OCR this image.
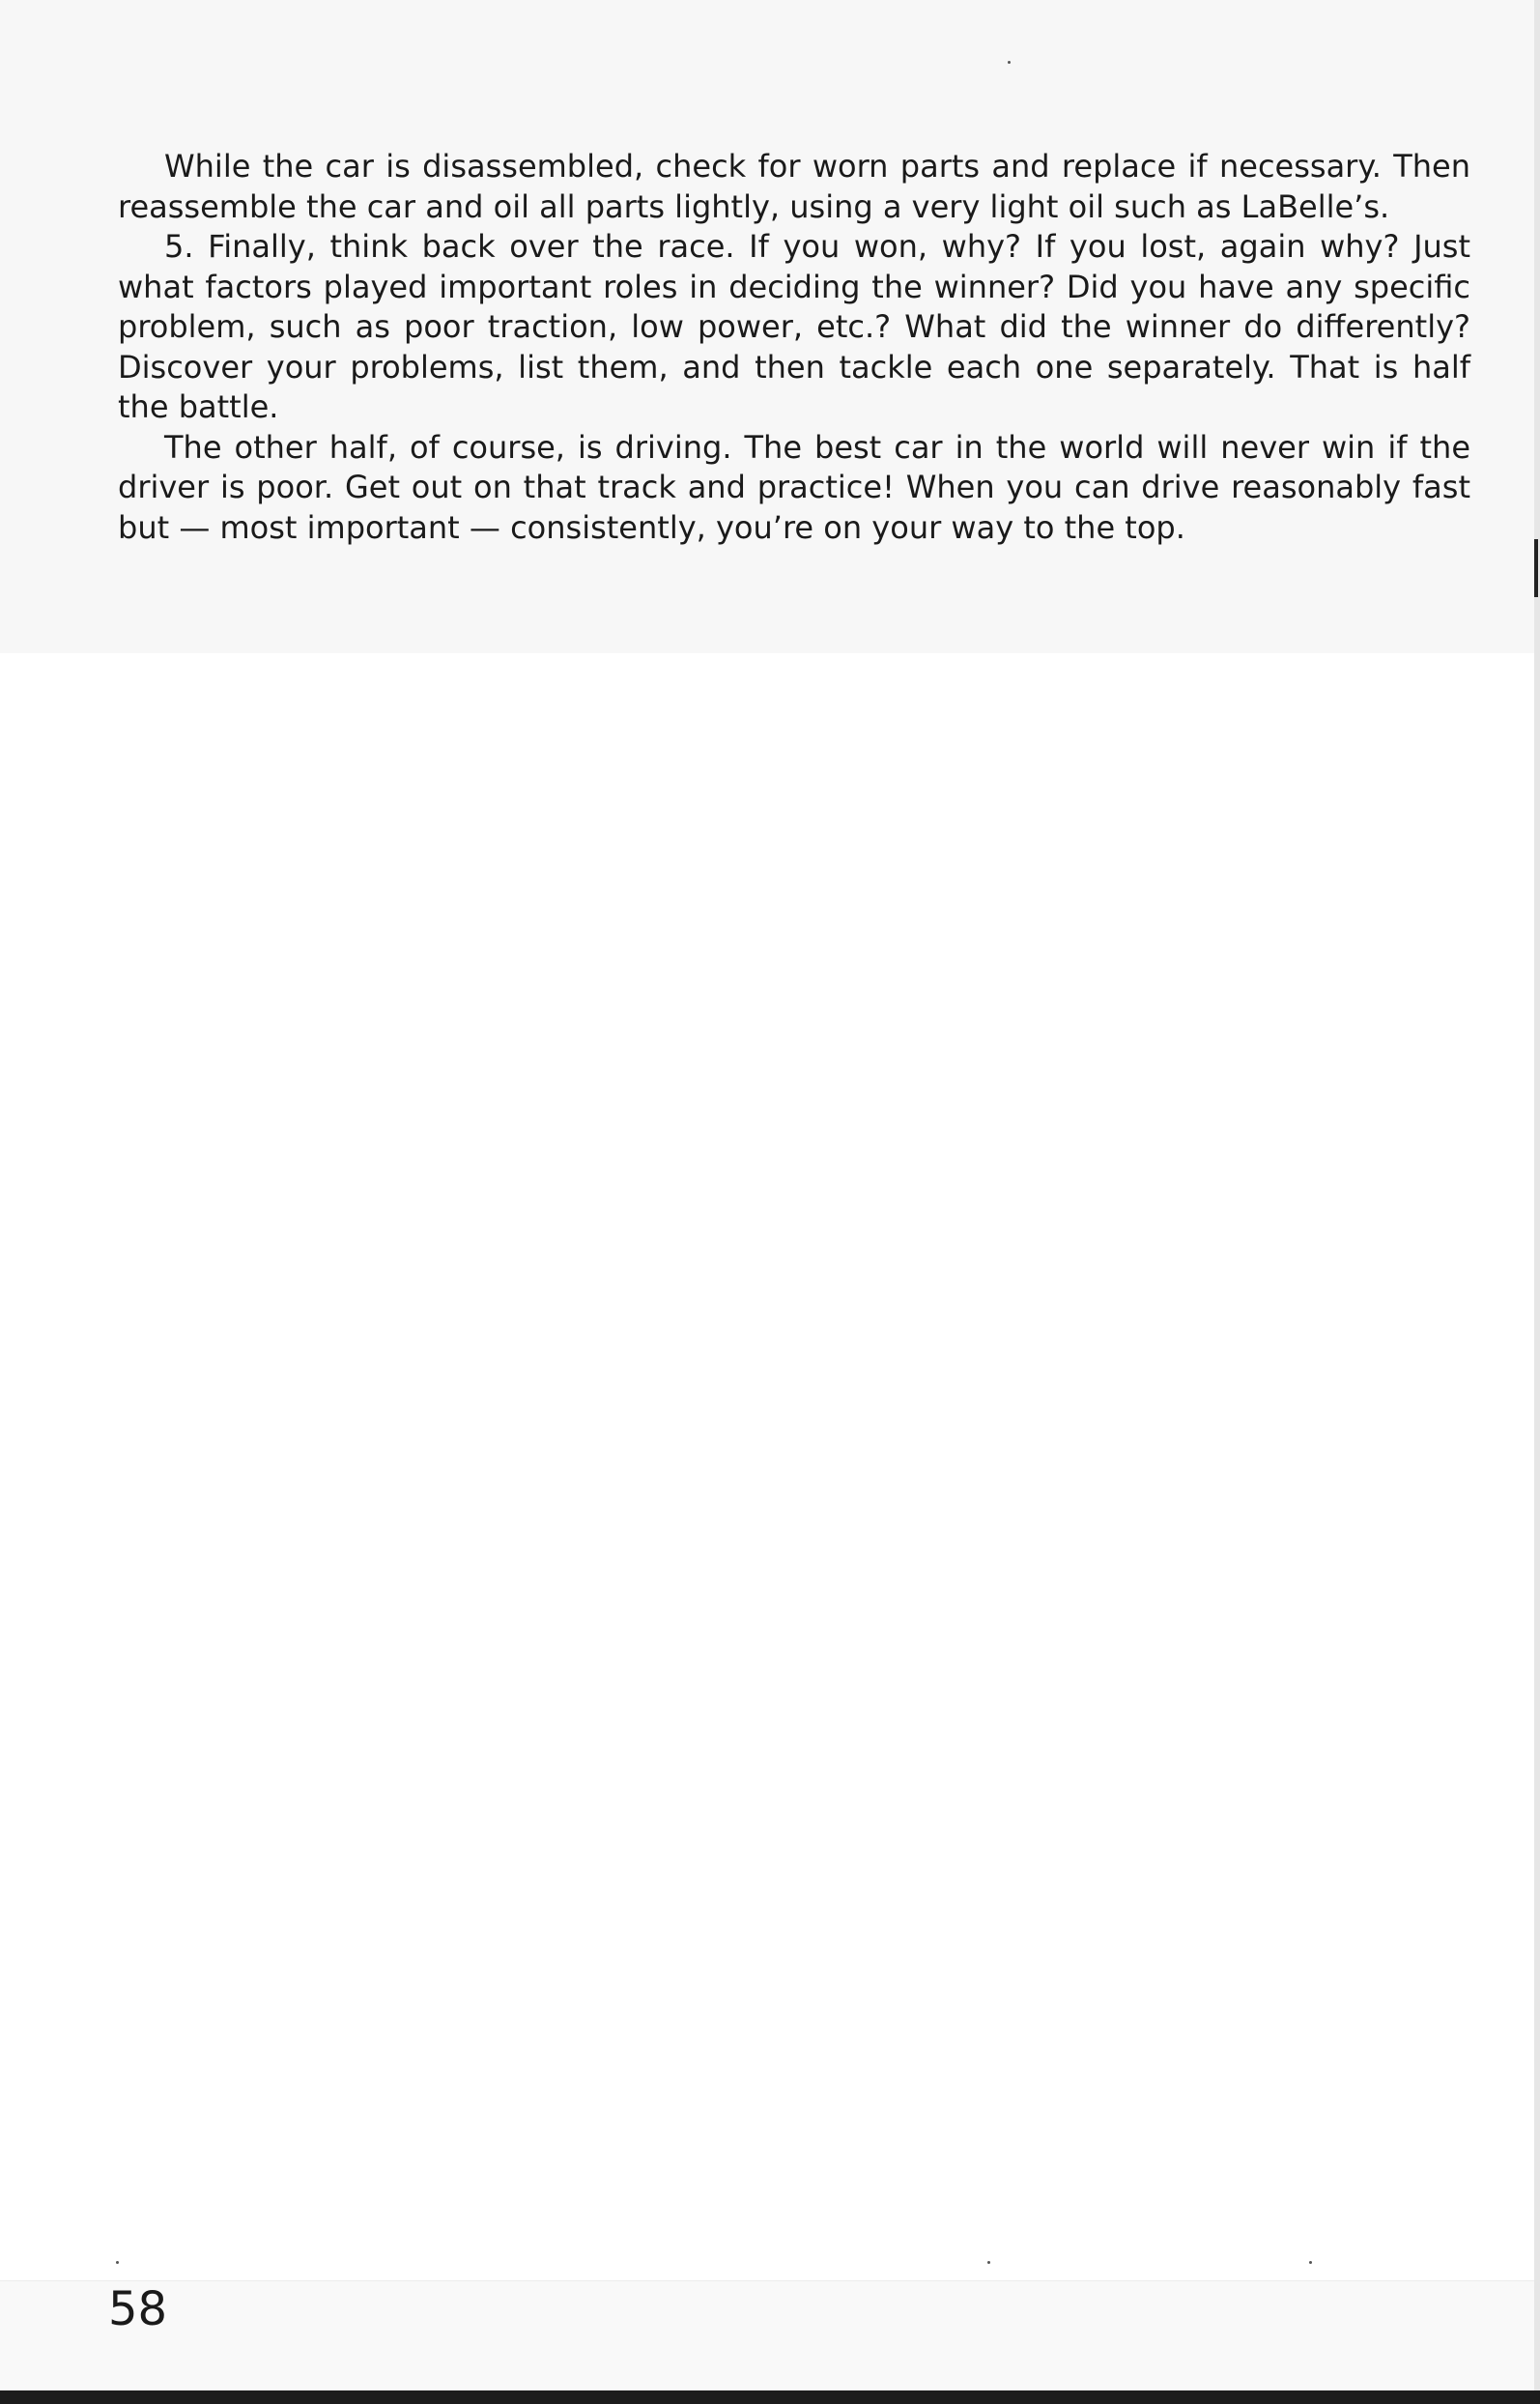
While the car is disassembled, check for worn parts and replace if necessary. Then reassemble the car and oil all parts lightly, using a very light oil such as LaBelle’s.

5. Finally, think back over the race. If you won, why? If you lost, again why? Just what factors played important roles in deciding the winner? Did you have any specific problem, such as poor traction, low power, etc.? What did the winner do differently? Discover your problems, list them, and then tackle each one separately. That is half the battle.

The other half, of course, is driving. The best car in the world will never win if the driver is poor. Get out on that track and practice! When you can drive reasonably fast but — most important — consistently, you’re on your way to the top.

58
